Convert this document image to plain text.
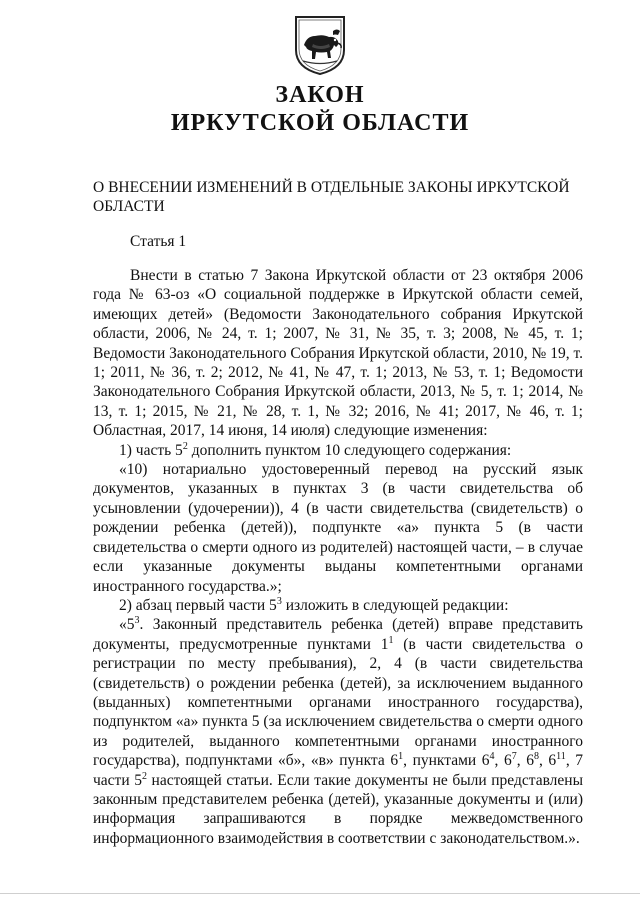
ЗАКОН
ИРКУТСКОЙ ОБЛАСТИ
О ВНЕСЕНИИ ИЗМЕНЕНИЙ В ОТДЕЛЬНЫЕ ЗАКОНЫ ИРКУТСКОЙ ОБЛАСТИ
Статья 1

Внести в статью 7 Закона Иркутской области от 23 октября 2006 года № 63-оз «О социальной поддержке в Иркутской области семей, имеющих детей» (Ведомости Законодательного собрания Иркутской области, 2006, № 24, т. 1; 2007, № 31, № 35, т. 3; 2008, № 45, т. 1; Ведомости Законодательного Собрания Иркутской области, 2010, № 19, т. 1; 2011, № 36, т. 2; 2012, № 41, № 47, т. 1; 2013, № 53, т. 1; Ведомости Законодательного Собрания Иркутской области, 2013, № 5, т. 1; 2014, № 13, т. 1; 2015, № 21, № 28, т. 1, № 32; 2016, № 41; 2017, № 46, т. 1; Областная, 2017, 14 июня, 14 июля) следующие изменения:

1) часть $5^2$ дополнить пунктом 10 следующего содержания:

«10) нотариально удостоверенный перевод на русский язык документов, указанных в пунктах 3 (в части свидетельства об усыновлении (удочерении)), 4 (в части свидетельства (свидетельств) о рождении ребенка (детей)), подпункте «а» пункта 5 (в части свидетельства о смерти одного из родителей) настоящей части, – в случае если указанные документы выданы компетентными органами иностранного государства.»;

2) абзац первый части $5^3$ изложить в следующей редакции:

«$5^3$. Законный представитель ребенка (детей) вправе представить документы, предусмотренные пунктами $1^1$ (в части свидетельства о регистрации по месту пребывания), 2, 4 (в части свидетельства (свидетельств) о рождении ребенка (детей), за исключением выданного (выданных) компетентными органами иностранного государства), подпунктом «а» пункта 5 (за исключением свидетельства о смерти одного из родителей, выданного компетентными органами иностранного государства), подпунктами «б», «в» пункта $6^1$, пунктами $6^4$, $6^7$, $6^8$, $6^{11}$, 7 части $5^2$ настоящей статьи. Если такие документы не были представлены законным представителем ребенка (детей), указанные документы и (или) информация запрашиваются в порядке межведомственного информационного взаимодействия в соответствии с законодательством.».
